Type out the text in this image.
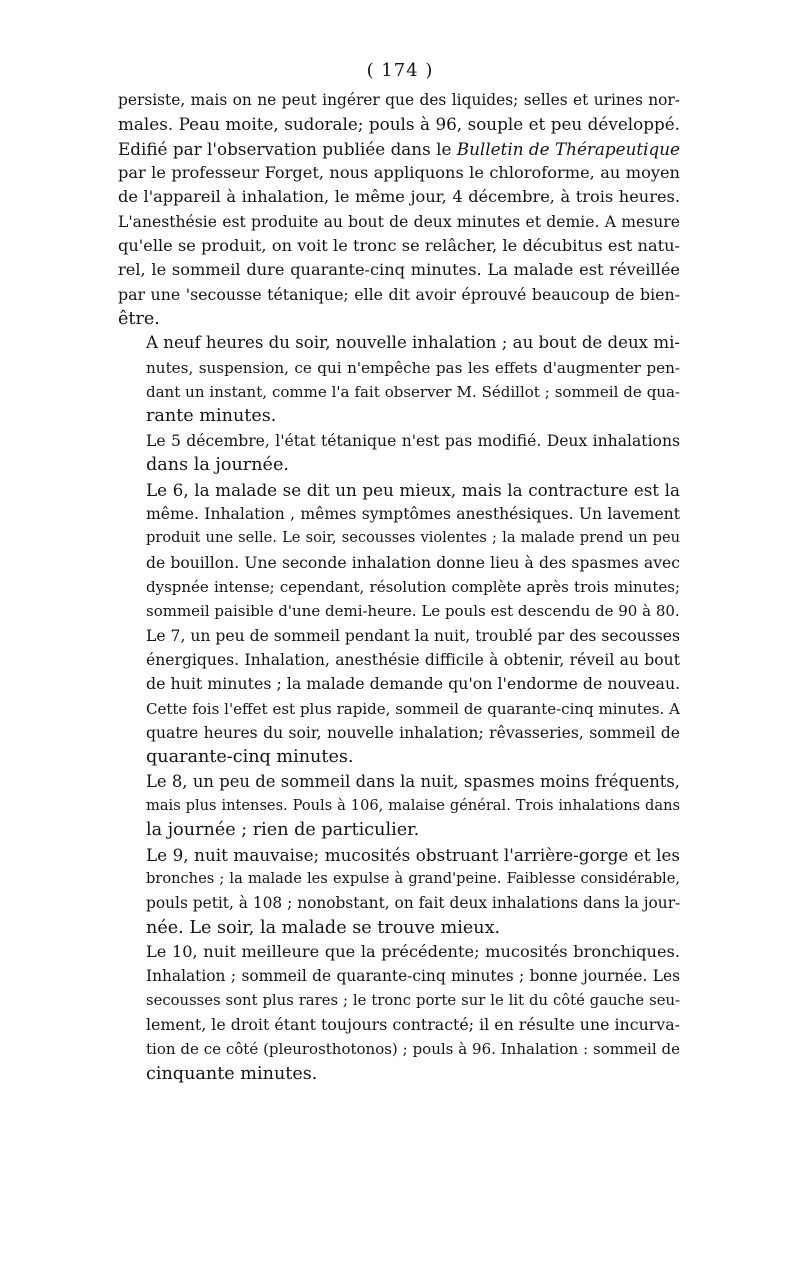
( 174 )

persiste, mais on ne peut ingérer que des liquides; selles et urines nor-
males. Peau moite, sudorale; pouls à 96, souple et peu développé.
Edifié par l'observation publiée dans le Bulletin de Thérapeutique
par le professeur Forget, nous appliquons le chloroforme, au moyen
de l'appareil à inhalation, le même jour, 4 décembre, à trois heures.
L'anesthésie est produite au bout de deux minutes et demie. A mesure
qu'elle se produit, on voit le tronc se relâcher, le décubitus est natu-
rel, le sommeil dure quarante-cinq minutes. La malade est réveillée
par une 'secousse tétanique; elle dit avoir éprouvé beaucoup de bien-
être.

A neuf heures du soir, nouvelle inhalation ; au bout de deux mi-
nutes, suspension, ce qui n'empêche pas les effets d'augmenter pen-
dant un instant, comme l'a fait observer M. Sédillot ; sommeil de qua-
rante minutes.

Le 5 décembre, l'état tétanique n'est pas modifié. Deux inhalations
dans la journée.

Le 6, la malade se dit un peu mieux, mais la contracture est la
même. Inhalation , mêmes symptômes anesthésiques. Un lavement
produit une selle. Le soir, secousses violentes ; la malade prend un peu
de bouillon. Une seconde inhalation donne lieu à des spasmes avec
dyspnée intense; cependant, résolution complète après trois minutes;
sommeil paisible d'une demi-heure. Le pouls est descendu de 90 à 80.

Le 7, un peu de sommeil pendant la nuit, troublé par des secousses
énergiques. Inhalation, anesthésie difficile à obtenir, réveil au bout
de huit minutes ; la malade demande qu'on l'endorme de nouveau.
Cette fois l'effet est plus rapide, sommeil de quarante-cinq minutes. A
quatre heures du soir, nouvelle inhalation; rêvasseries, sommeil de
quarante-cinq minutes.

Le 8, un peu de sommeil dans la nuit, spasmes moins fréquents,
mais plus intenses. Pouls à 106, malaise général. Trois inhalations dans
la journée ; rien de particulier.

Le 9, nuit mauvaise; mucosités obstruant l'arrière-gorge et les
bronches ; la malade les expulse à grand'peine. Faiblesse considérable,
pouls petit, à 108 ; nonobstant, on fait deux inhalations dans la jour-
née. Le soir, la malade se trouve mieux.

Le 10, nuit meilleure que la précédente; mucosités bronchiques.
Inhalation ; sommeil de quarante-cinq minutes ; bonne journée. Les
secousses sont plus rares ; le tronc porte sur le lit du côté gauche seu-
lement, le droit étant toujours contracté; il en résulte une incurva-
tion de ce côté (pleurosthotonos) ; pouls à 96. Inhalation : sommeil de
cinquante minutes.
